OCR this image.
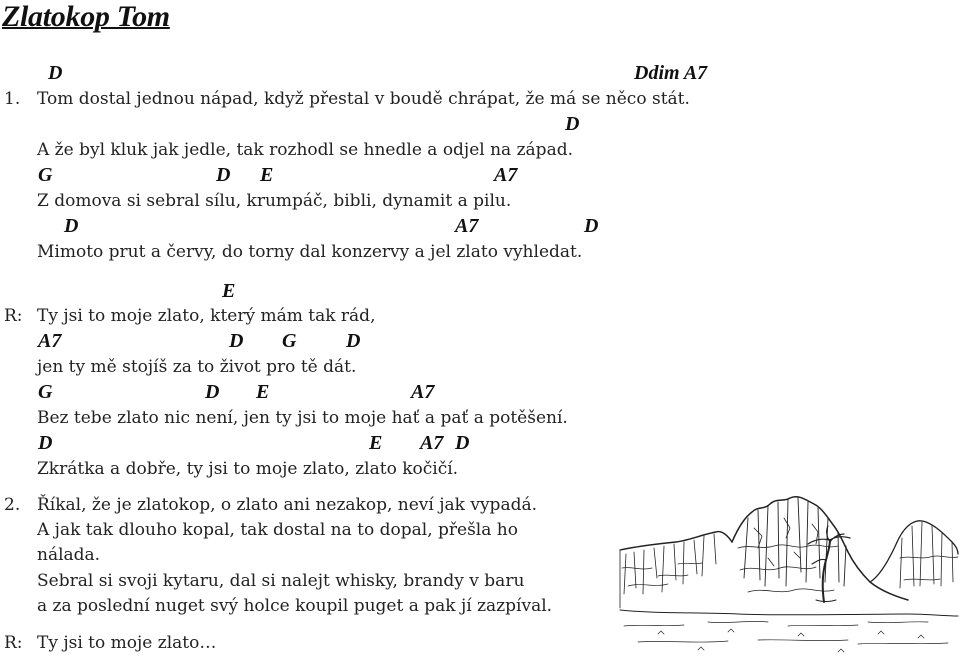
Zlatokop Tom
D	Ddim A7
1. Tom dostal jednou nápad, když přestal v boudě chrápat, že má se něco stát.
D
A že byl kluk jak jedle, tak rozhodl se hnedle a odjel na západ.
G	D E	A7
Z domova si sebral sílu, krumpáč, bibli, dynamit a pilu.
D	A7	D
Mimoto prut a červy, do torny dal konzervy a jel zlato vyhledat.
E
R: Ty jsi to moje zlato, který mám tak rád,
A7	D G D
jen ty mě stojíš za to život pro tě dát.
G	D E	A7
Bez tebe zlato nic není, jen ty jsi to moje hať a pať a potěšení.
D	E A7 D
Zkrátka a dobře, ty jsi to moje zlato, zlato kočičí.
2. Říkal, že je zlatokop, o zlato ani nezakop, neví jak vypadá.
A jak tak dlouho kopal, tak dostal na to dopal, přešla ho
nálada.
Sebral si svoji kytaru, dal si nalejt whisky, brandy v baru
a za poslední nuget svý holce koupil puget a pak jí zazpíval.
R: Ty jsi to moje zlato…
